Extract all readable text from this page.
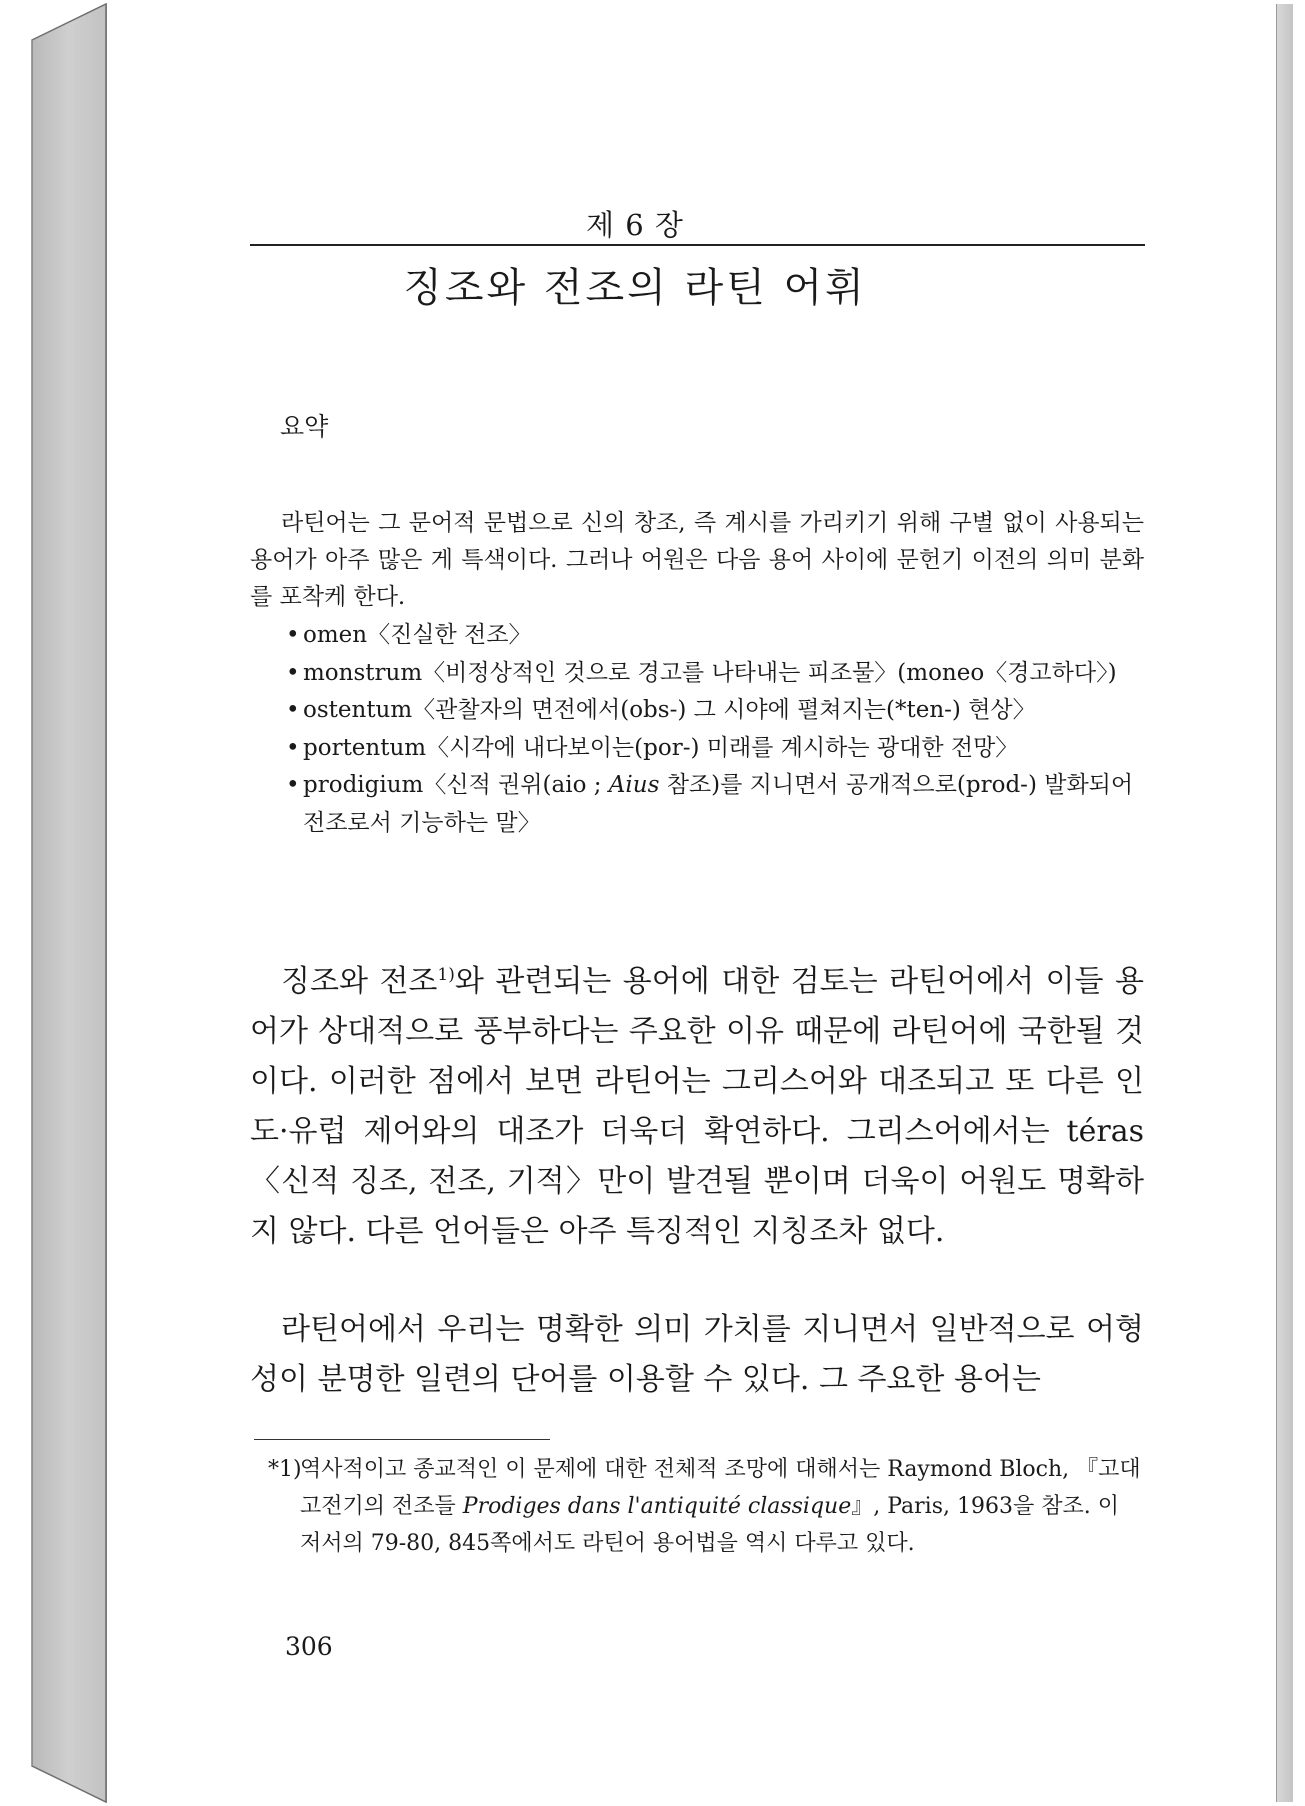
제 6 장
징조와 전조의 라틴 어휘
요약

라틴어는 그 문어적 문법으로 신의 창조, 즉 계시를 가리키기 위해 구별 없이 사용되는 용어가 아주 많은 게 특색이다. 그러나 어원은 다음 용어 사이에 문헌기 이전의 의미 분화를 포착케 한다.

• omen〈진실한 전조〉
• monstrum〈비정상적인 것으로 경고를 나타내는 피조물〉(moneo〈경고하다〉)
• ostentum〈관찰자의 면전에서(obs-) 그 시야에 펼쳐지는(*ten-) 현상〉
• portentum〈시각에 내다보이는(por-) 미래를 계시하는 광대한 전망〉
• prodigium〈신적 권위(aio ; Aius 참조)를 지니면서 공개적으로(prod-) 발화되어 전조로서 기능하는 말〉

징조와 전조$^{1)}$와 관련되는 용어에 대한 검토는 라틴어에서 이들 용어가 상대적으로 풍부하다는 주요한 이유 때문에 라틴어에 국한될 것이다. 이러한 점에서 보면 라틴어는 그리스어와 대조되고 또 다른 인도·유럽 제어와의 대조가 더욱더 확연하다. 그리스어에서는 téras〈신적 징조, 전조, 기적〉만이 발견될 뿐이며 더욱이 어원도 명확하지 않다. 다른 언어들은 아주 특징적인 지칭조차 없다.

라틴어에서 우리는 명확한 의미 가치를 지니면서 일반적으로 어형성이 분명한 일련의 단어를 이용할 수 있다. 그 주요한 용어는

*1)
역사적이고 종교적인 이 문제에 대한 전체적 조망에 대해서는 Raymond Bloch, 『고대 고전기의 전조들 Prodiges dans l'antiquité classique』, Paris, 1963을 참조. 이 저서의 79-80, 845쪽에서도 라틴어 용어법을 역시 다루고 있다.

306
